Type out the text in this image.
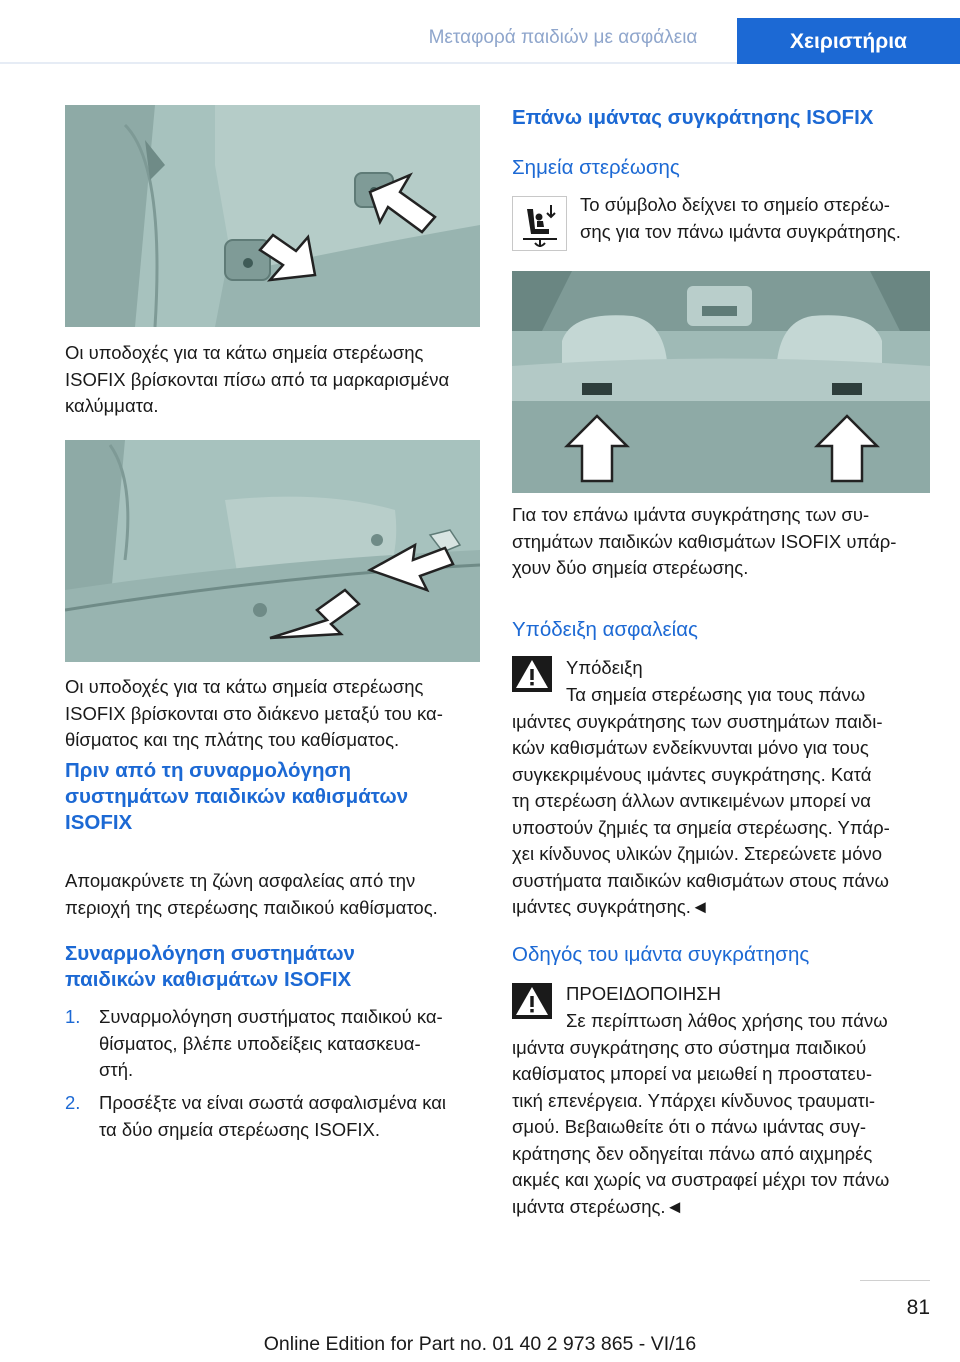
Μεταφορά παιδιών με ασφάλεια	Χειριστήρια
Οι υποδοχές για τα κάτω σημεία στερέωσης
ISOFIX βρίσκονται πίσω από τα μαρκαρισμένα
καλύμματα.
Οι υποδοχές για τα κάτω σημεία στερέωσης
ISOFIX βρίσκονται στο διάκενο μεταξύ του κα‐
θίσματος και της πλάτης του καθίσματος.
Πριν από τη συναρμολόγηση
συστημάτων παιδικών καθισμάτων
ISOFIX
Απομακρύνετε τη ζώνη ασφαλείας από την
περιοχή της στερέωσης παιδικού καθίσματος.
Συναρμολόγηση συστημάτων
παιδικών καθισμάτων ISOFIX
1. Συναρμολόγηση συστήματος παιδικού κα‐
θίσματος, βλέπε υποδείξεις κατασκευα‐
στή.
2. Προσέξτε να είναι σωστά ασφαλισμένα και
τα δύο σημεία στερέωσης ISOFIX.
Επάνω ιμάντας συγκράτησης ISOFIX
Σημεία στερέωσης
Το σύμβολο δείχνει το σημείο στερέω‐
σης για τον πάνω ιμάντα συγκράτησης.
Για τον επάνω ιμάντα συγκράτησης των συ‐
στημάτων παιδικών καθισμάτων ISOFIX υπάρ‐
χουν δύο σημεία στερέωσης.
Υπόδειξη ασφαλείας
Υπόδειξη
Τα σημεία στερέωσης για τους πάνω
ιμάντες συγκράτησης των συστημάτων παιδι‐
κών καθισμάτων ενδείκνυνται μόνο για τους
συγκεκριμένους ιμάντες συγκράτησης. Κατά
τη στερέωση άλλων αντικειμένων μπορεί να
υποστούν ζημιές τα σημεία στερέωσης. Υπάρ‐
χει κίνδυνος υλικών ζημιών. Στερεώνετε μόνο
συστήματα παιδικών καθισμάτων στους πάνω
ιμάντες συγκράτησης.◄
Οδηγός του ιμάντα συγκράτησης
ΠΡΟΕΙΔΟΠΟΙΗΣΗ
Σε περίπτωση λάθος χρήσης του πάνω
ιμάντα συγκράτησης στο σύστημα παιδικού
καθίσματος μπορεί να μειωθεί η προστατευ‐
τική επενέργεια. Υπάρχει κίνδυνος τραυματι‐
σμού. Βεβαιωθείτε ότι ο πάνω ιμάντας συγ‐
κράτησης δεν οδηγείται πάνω από αιχμηρές
ακμές και χωρίς να συστραφεί μέχρι τον πάνω
ιμάντα στερέωσης.◄
81
Online Edition for Part no. 01 40 2 973 865 - VI/16
